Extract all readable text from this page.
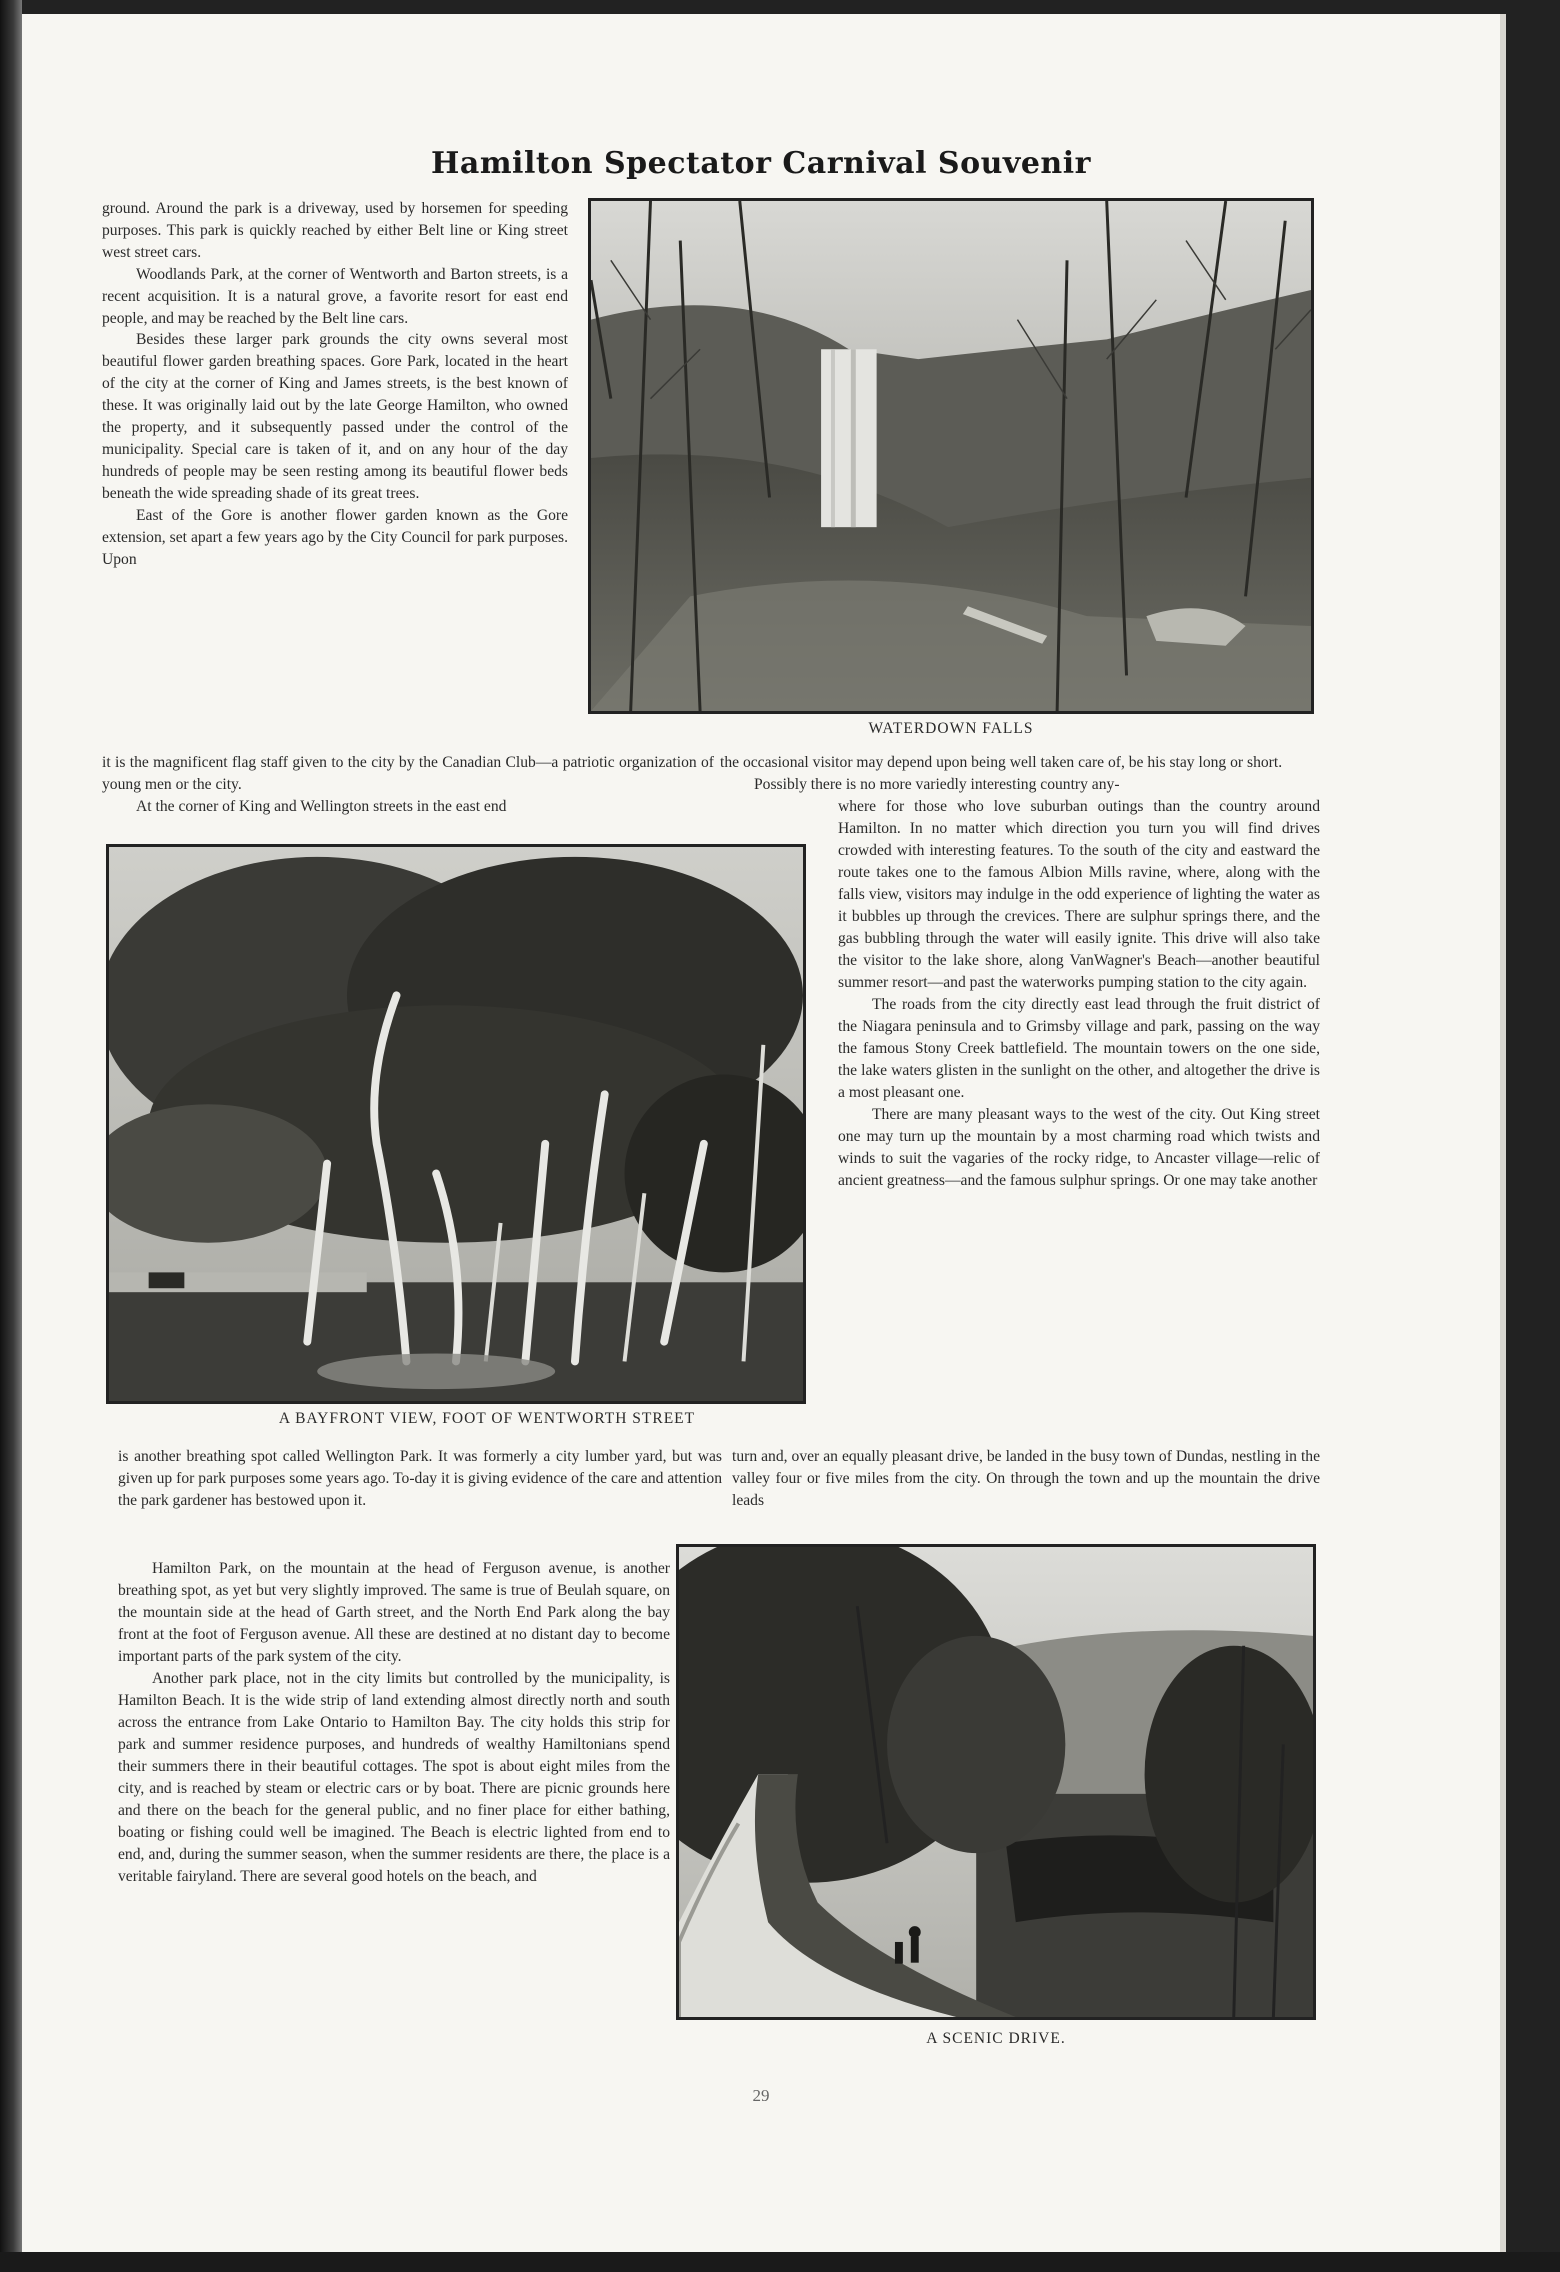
Hamilton Spectator Carnival Souvenir

ground. Around the park is a driveway, used by horsemen for speeding purposes. This park is quickly reached by either Belt line or King street west street cars.

Woodlands Park, at the corner of Wentworth and Barton streets, is a recent acquisition. It is a natural grove, a favorite resort for east end people, and may be reached by the Belt line cars.

Besides these larger park grounds the city owns several most beautiful flower garden breathing spaces. Gore Park, located in the heart of the city at the corner of King and James streets, is the best known of these. It was originally laid out by the late George Hamilton, who owned the property, and it subsequently passed under the control of the municipality. Special care is taken of it, and on any hour of the day hundreds of people may be seen resting among its beautiful flower beds beneath the wide spreading shade of its great trees.

East of the Gore is another flower garden known as the Gore extension, set apart a few years ago by the City Council for park purposes. Upon

it is the magnificent flag staff given to the city by the Canadian Club—a patriotic organization of young men or the city.

At the corner of King and Wellington streets in the east end

WATERDOWN FALLS

the occasional visitor may depend upon being well taken care of, be his stay long or short.

Possibly there is no more variedly interesting country any-

A BAYFRONT VIEW, FOOT OF WENTWORTH STREET

where for those who love suburban outings than the country around Hamilton. In no matter which direction you turn you will find drives crowded with interesting features. To the south of the city and eastward the route takes one to the famous Albion Mills ravine, where, along with the falls view, visitors may indulge in the odd experience of lighting the water as it bubbles up through the crevices. There are sulphur springs there, and the gas bubbling through the water will easily ignite. This drive will also take the visitor to the lake shore, along VanWagner's Beach—another beautiful summer resort—and past the waterworks pumping station to the city again.

The roads from the city directly east lead through the fruit district of the Niagara peninsula and to Grimsby village and park, passing on the way the famous Stony Creek battlefield. The mountain towers on the one side, the lake waters glisten in the sunlight on the other, and altogether the drive is a most pleasant one.

There are many pleasant ways to the west of the city. Out King street one may turn up the mountain by a most charming road which twists and winds to suit the vagaries of the rocky ridge, to Ancaster village—relic of ancient greatness—and the famous sulphur springs. Or one may take another

turn and, over an equally pleasant drive, be landed in the busy town of Dundas, nestling in the valley four or five miles from the city. On through the town and up the mountain the drive leads

is another breathing spot called Wellington Park. It was formerly a city lumber yard, but was given up for park purposes some years ago. To-day it is giving evidence of the care and attention the park gardener has bestowed upon it.

Hamilton Park, on the mountain at the head of Ferguson avenue, is another breathing spot, as yet but very slightly improved. The same is true of Beulah square, on the mountain side at the head of Garth street, and the North End Park along the bay front at the foot of Ferguson avenue. All these are destined at no distant day to become important parts of the park system of the city.

Another park place, not in the city limits but controlled by the municipality, is Hamilton Beach. It is the wide strip of land extending almost directly north and south across the entrance from Lake Ontario to Hamilton Bay. The city holds this strip for park and summer residence purposes, and hundreds of wealthy Hamiltonians spend their summers there in their beautiful cottages. The spot is about eight miles from the city, and is reached by steam or electric cars or by boat. There are picnic grounds here and there on the beach for the general public, and no finer place for either bathing, boating or fishing could well be imagined. The Beach is electric lighted from end to end, and, during the summer season, when the summer residents are there, the place is a veritable fairyland. There are several good hotels on the beach, and

A SCENIC DRIVE.
29
